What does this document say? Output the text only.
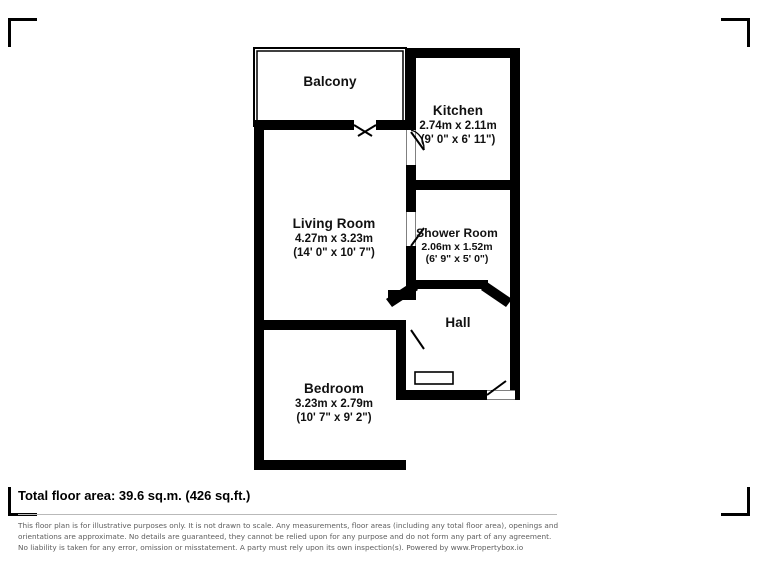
Balcony
Kitchen
2.74m x 2.11m
(9' 0" x 6' 11")
Living Room
4.27m x 3.23m
(14' 0" x 10' 7")
Shower Room
2.06m x 1.52m
(6' 9" x 5' 0")
Hall
Bedroom
3.23m x 2.79m
(10' 7" x 9' 2")
Total floor area: 39.6 sq.m. (426 sq.ft.)
This floor plan is for illustrative purposes only. It is not drawn to scale. Any measurements, floor areas (including any total floor area), openings and orientations are approximate. No details are guaranteed, they cannot be relied upon for any purpose and do not form any part of any agreement. No liability is taken for any error, omission or misstatement. A party must rely upon its own inspection(s). Powered by www.Propertybox.io
